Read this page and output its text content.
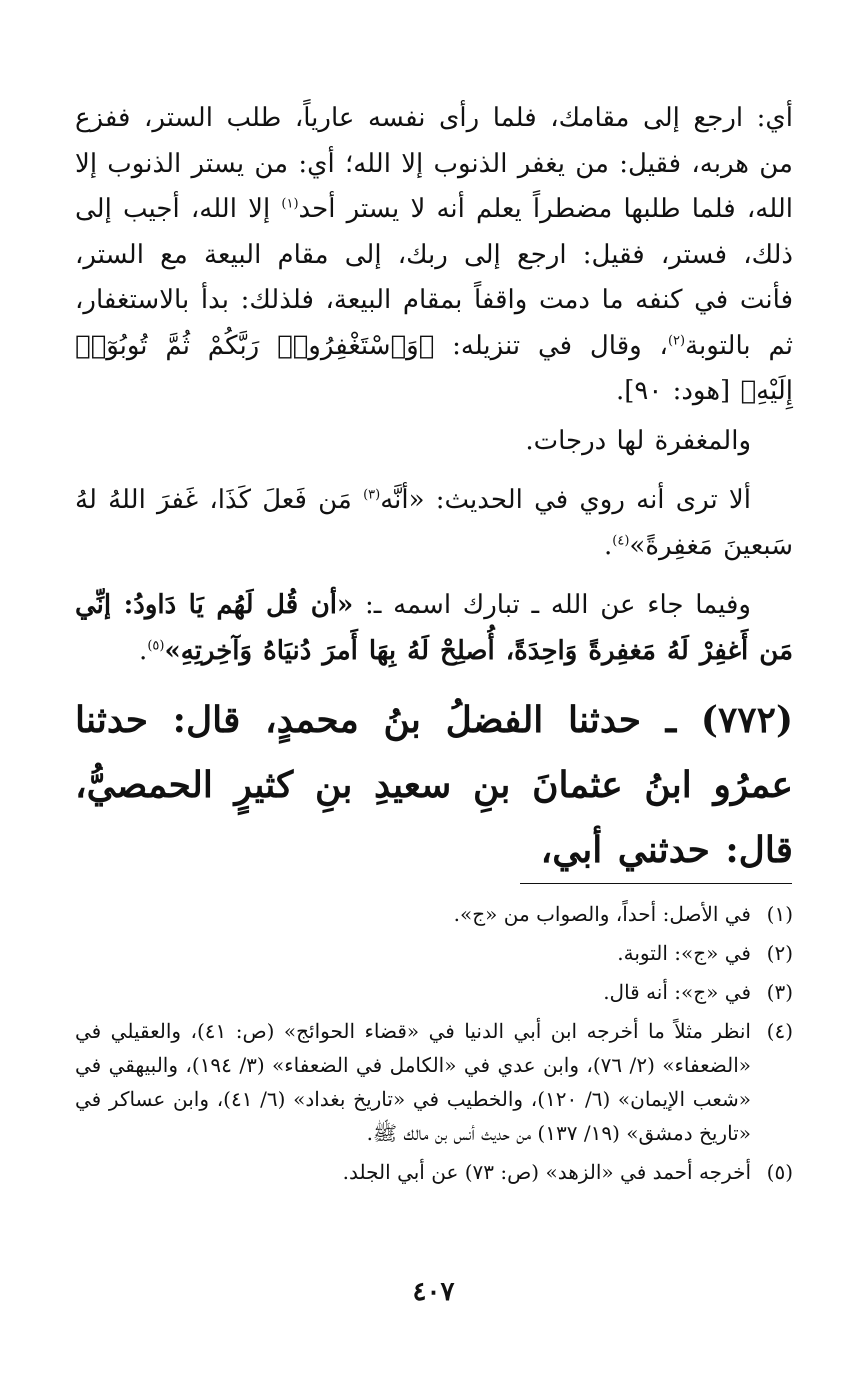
أي: ارجع إلى مقامك، فلما رأى نفسه عارياً، طلب الستر، ففزع من هربه، فقيل: من يغفر الذنوب إلا الله؛ أي: من يستر الذنوب إلا الله، فلما طلبها مضطراً يعلم أنه لا يستر أحد$^{(١)}$ إلا الله، أجيب إلى ذلك، فستر، فقيل: ارجع إلى ربك، إلى مقام البيعة مع الستر، فأنت في كنفه ما دمت واقفاً بمقام البيعة، فلذلك: بدأ بالاستغفار، ثم بالتوبة$^{(٢)}$، وقال في تنزيله: ﴿وَٱسْتَغْفِرُوا۟ رَبَّكُمْ ثُمَّ تُوبُوٓا۟ إِلَيْهِ﴾ [هود: ٩٠].

والمغفرة لها درجات.

ألا ترى أنه روي في الحديث: «أنَّه$^{(٣)}$ مَن فَعلَ كَذَا، غَفرَ اللهُ لهُ سَبعينَ مَغفِرةً»$^{(٤)}$.

وفيما جاء عن الله ـ تبارك اسمه ـ: «أن قُل لَهُم يَا دَاودُ: إنِّي مَن أَغفِرْ لَهُ مَغفِرةً وَاحِدَةً، أُصلِحْ لَهُ بِهَا أَمرَ دُنيَاهُ وَآخِرتِهِ»$^{(٥)}$.

(٧٧٢) ـ حدثنا الفضلُ بنُ محمدٍ، قال: حدثنا عمرُو ابنُ عثمانَ بنِ سعيدِ بنِ كثيرٍ الحمصيُّ، قال: حدثني أبي،

(١)
في الأصل: أحداً، والصواب من «ج».
(٢)
في «ج»: التوبة.
(٣)
في «ج»: أنه قال.
(٤)
انظر مثلاً ما أخرجه ابن أبي الدنيا في «قضاء الحوائج» (ص: ٤١)، والعقيلي في «الضعفاء» (٢/ ٧٦)، وابن عدي في «الكامل في الضعفاء» (٣/ ١٩٤)، والبيهقي في «شعب الإيمان» (٦/ ١٢٠)، والخطيب في «تاريخ بغداد» (٦/ ٤١)، وابن عساكر في «تاريخ دمشق» (١٩/ ١٣٧) من حديث أنس بن مالك ﷺ.
(٥)
أخرجه أحمد في «الزهد» (ص: ٧٣) عن أبي الجلد.
٤٠٧
